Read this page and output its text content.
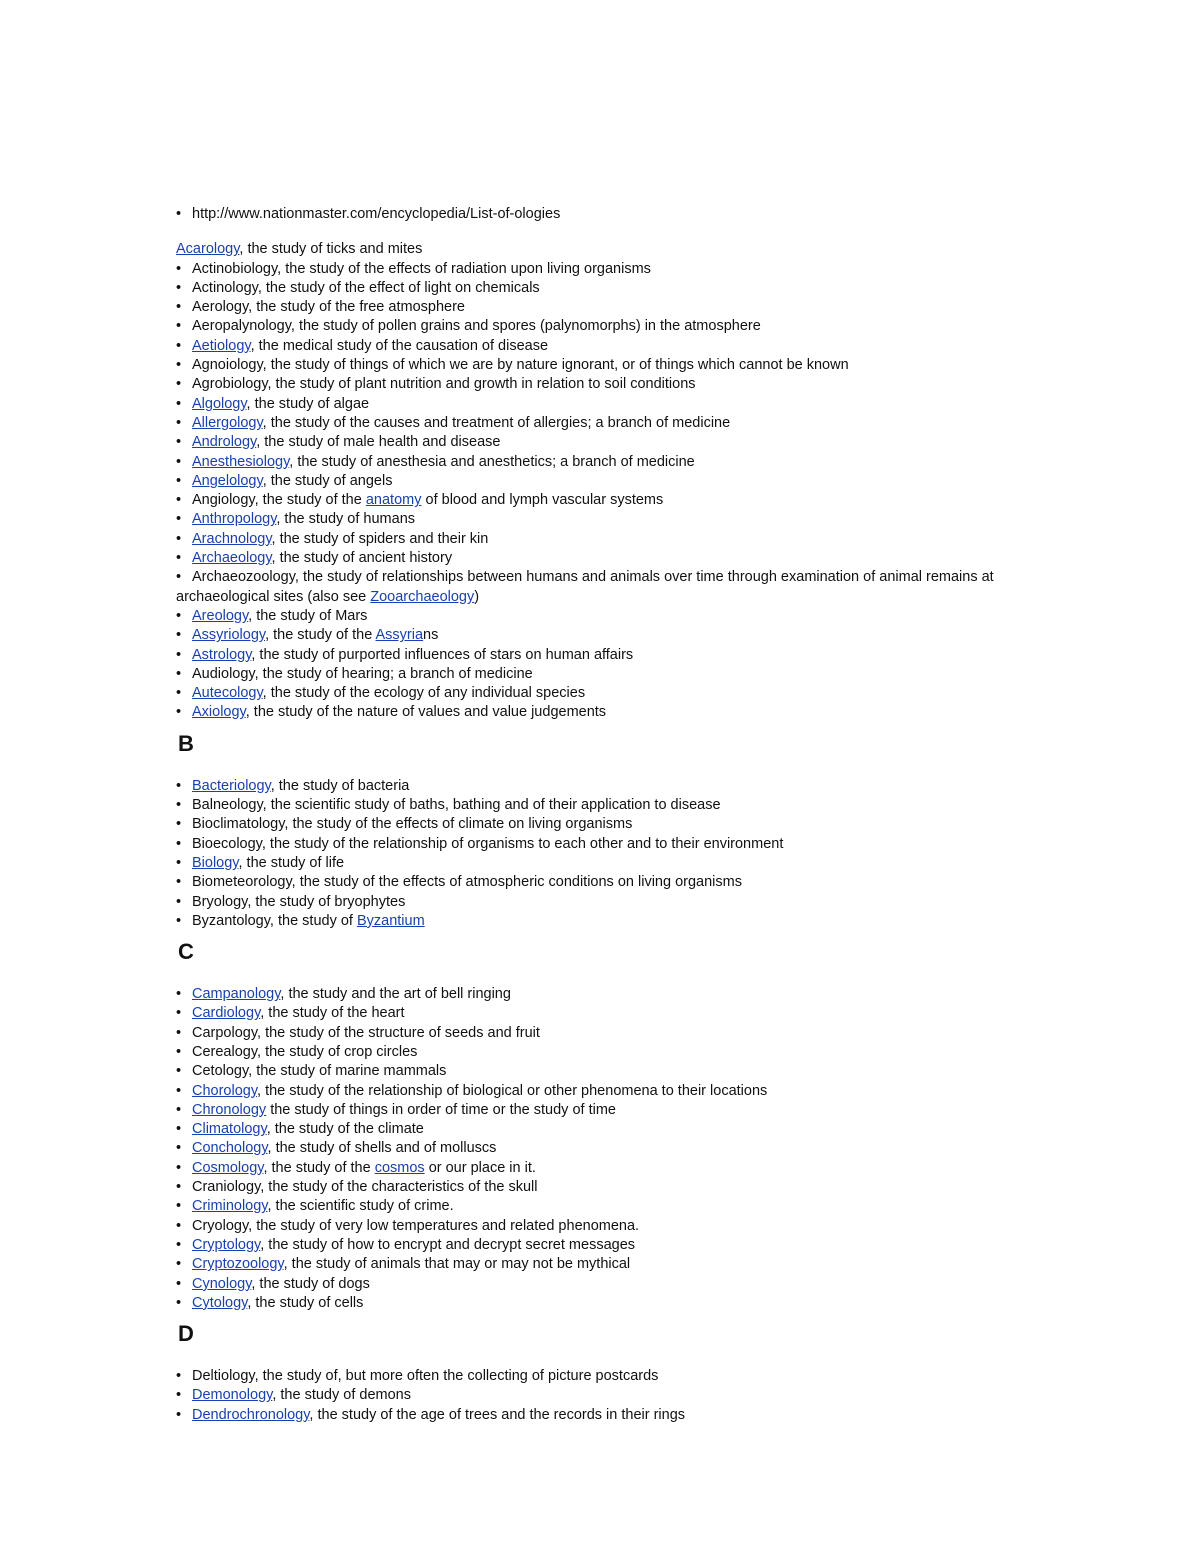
• http://www.nationmaster.com/encyclopedia/List-of-ologies
Acarology, the study of ticks and mites
• Actinobiology, the study of the effects of radiation upon living organisms
• Actinology, the study of the effect of light on chemicals
• Aerology, the study of the free atmosphere
• Aeropalynology, the study of pollen grains and spores (palynomorphs) in the atmosphere
• Aetiology, the medical study of the causation of disease
• Agnoiology, the study of things of which we are by nature ignorant, or of things which cannot be known
• Agrobiology, the study of plant nutrition and growth in relation to soil conditions
• Algology, the study of algae
• Allergology, the study of the causes and treatment of allergies; a branch of medicine
• Andrology, the study of male health and disease
• Anesthesiology, the study of anesthesia and anesthetics; a branch of medicine
• Angelology, the study of angels
• Angiology, the study of the anatomy of blood and lymph vascular systems
• Anthropology, the study of humans
• Arachnology, the study of spiders and their kin
• Archaeology, the study of ancient history
• Archaeozoology, the study of relationships between humans and animals over time through examination of animal remains at archaeological sites (also see Zooarchaeology)
• Areology, the study of Mars
• Assyriology, the study of the Assyrians
• Astrology, the study of purported influences of stars on human affairs
• Audiology, the study of hearing; a branch of medicine
• Autecology, the study of the ecology of any individual species
• Axiology, the study of the nature of values and value judgements
B
• Bacteriology, the study of bacteria
• Balneology, the scientific study of baths, bathing and of their application to disease
• Bioclimatology, the study of the effects of climate on living organisms
• Bioecology, the study of the relationship of organisms to each other and to their environment
• Biology, the study of life
• Biometeorology, the study of the effects of atmospheric conditions on living organisms
• Bryology, the study of bryophytes
• Byzantology, the study of Byzantium
C
• Campanology, the study and the art of bell ringing
• Cardiology, the study of the heart
• Carpology, the study of the structure of seeds and fruit
• Cerealogy, the study of crop circles
• Cetology, the study of marine mammals
• Chorology, the study of the relationship of biological or other phenomena to their locations
• Chronology the study of things in order of time or the study of time
• Climatology, the study of the climate
• Conchology, the study of shells and of molluscs
• Cosmology, the study of the cosmos or our place in it.
• Craniology, the study of the characteristics of the skull
• Criminology, the scientific study of crime.
• Cryology, the study of very low temperatures and related phenomena.
• Cryptology, the study of how to encrypt and decrypt secret messages
• Cryptozoology, the study of animals that may or may not be mythical
• Cynology, the study of dogs
• Cytology, the study of cells
D
• Deltiology, the study of, but more often the collecting of picture postcards
• Demonology, the study of demons
• Dendrochronology, the study of the age of trees and the records in their rings
